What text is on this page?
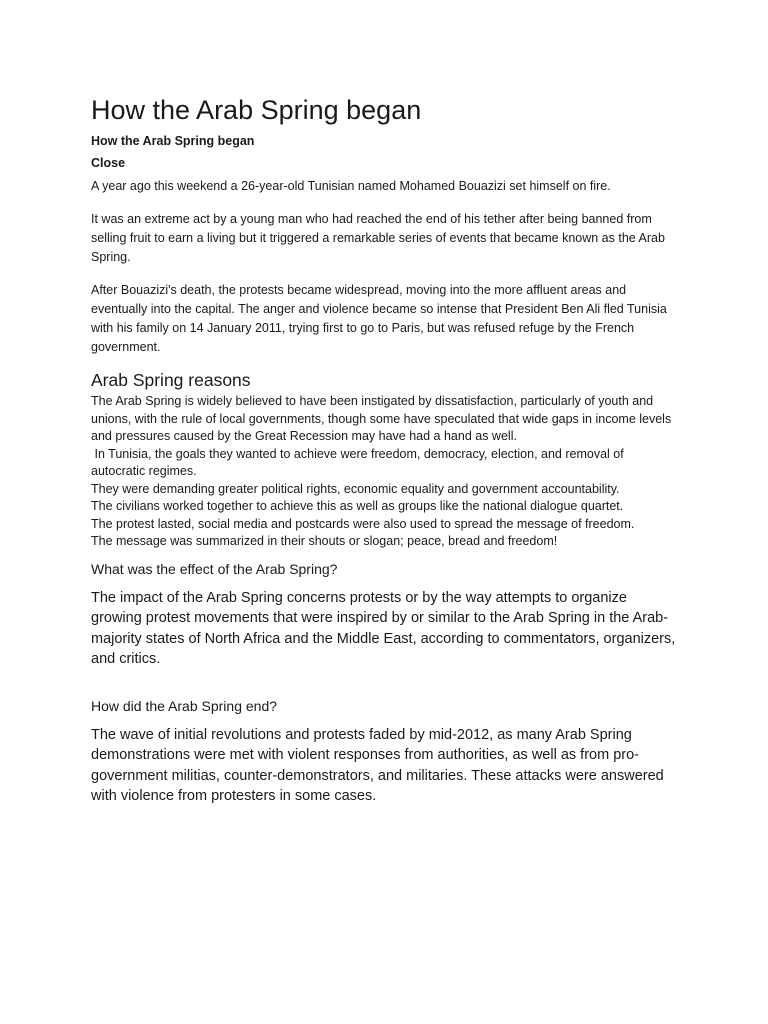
How the Arab Spring began
How the Arab Spring began
Close

A year ago this weekend a 26-year-old Tunisian named Mohamed Bouazizi set himself on fire.

It was an extreme act by a young man who had reached the end of his tether after being banned from selling fruit to earn a living but it triggered a remarkable series of events that became known as the Arab Spring.

After Bouazizi's death, the protests became widespread, moving into the more affluent areas and eventually into the capital. The anger and violence became so intense that President Ben Ali fled Tunisia with his family on 14 January 2011, trying first to go to Paris, but was refused refuge by the French government.

Arab Spring reasons

The Arab Spring is widely believed to have been instigated by dissatisfaction, particularly of youth and unions, with the rule of local governments, though some have speculated that wide gaps in income levels and pressures caused by the Great Recession may have had a hand as well.

In Tunisia, the goals they wanted to achieve were freedom, democracy, election, and removal of autocratic regimes.

They were demanding greater political rights, economic equality and government accountability.

The civilians worked together to achieve this as well as groups like the national dialogue quartet.

The protest lasted, social media and postcards were also used to spread the message of freedom.

The message was summarized in their shouts or slogan; peace, bread and freedom!

What was the effect of the Arab Spring?

The impact of the Arab Spring concerns protests or by the way attempts to organize growing protest movements that were inspired by or similar to the Arab Spring in the Arab-majority states of North Africa and the Middle East, according to commentators, organizers, and critics.

How did the Arab Spring end?

The wave of initial revolutions and protests faded by mid-2012, as many Arab Spring demonstrations were met with violent responses from authorities, as well as from pro-government militias, counter-demonstrators, and militaries. These attacks were answered with violence from protesters in some cases.
